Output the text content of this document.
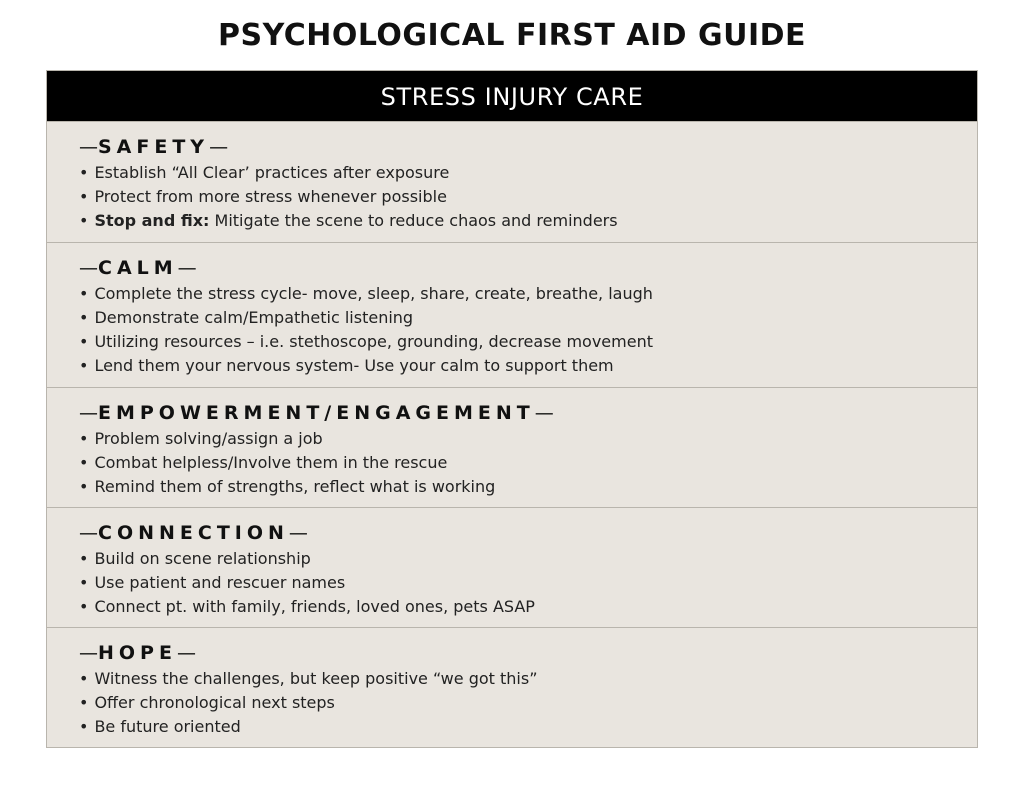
PSYCHOLOGICAL FIRST AID GUIDE
STRESS INJURY CARE
—SAFETY—
• Establish “All Clear’ practices after exposure
• Protect from more stress whenever possible
• Stop and fix: Mitigate the scene to reduce chaos and reminders
—CALM—
• Complete the stress cycle- move, sleep, share, create, breathe, laugh
• Demonstrate calm/Empathetic listening
• Utilizing resources – i.e. stethoscope, grounding, decrease movement
• Lend them your nervous system- Use your calm to support them
—EMPOWERMENT/ENGAGEMENT—
• Problem solving/assign a job
• Combat helpless/Involve them in the rescue
• Remind them of strengths, reflect what is working
—CONNECTION—
• Build on scene relationship
• Use patient and rescuer names
• Connect pt. with family, friends, loved ones, pets ASAP
—HOPE—
• Witness the challenges, but keep positive “we got this”
• Offer chronological next steps
• Be future oriented
